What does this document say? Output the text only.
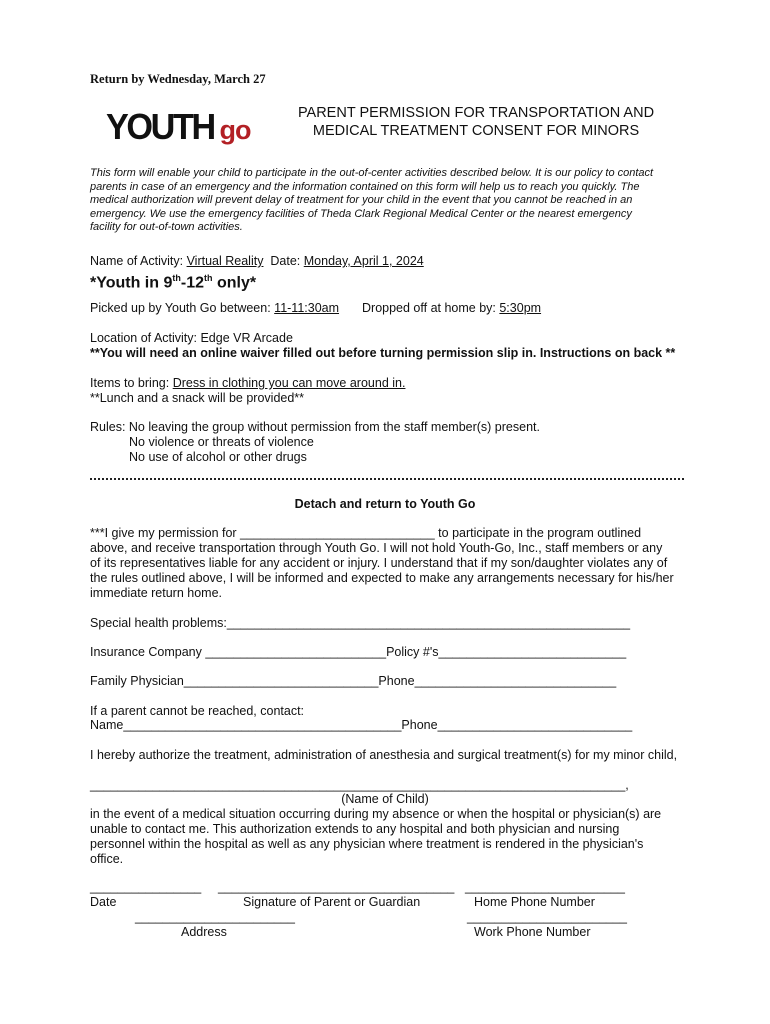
Return by Wednesday, March 27
YOUTH go
PARENT PERMISSION FOR TRANSPORTATION AND
MEDICAL TREATMENT CONSENT FOR MINORS
This form will enable your child to participate in the out-of-center activities described below. It is our policy to contact
parents in case of an emergency and the information contained on this form will help us to reach you quickly. The
medical authorization will prevent delay of treatment for your child in the event that you cannot be reached in an
emergency. We use the emergency facilities of Theda Clark Regional Medical Center or the nearest emergency
facility for out-of-town activities.
Name of Activity: Virtual Reality  Date: Monday, April 1, 2024
*Youth in 9th-12th only*
Picked up by Youth Go between: 11-11:30am Dropped off at home by: 5:30pm
Location of Activity: Edge VR Arcade
**You will need an online waiver filled out before turning permission slip in. Instructions on back **
Items to bring: Dress in clothing you can move around in.
**Lunch and a snack will be provided**
Rules: No leaving the group without permission from the staff member(s) present.
No violence or threats of violence
No use of alcohol or other drugs
Detach and return to Youth Go
***I give my permission for ____________________________ to participate in the program outlined
above, and receive transportation through Youth Go. I will not hold Youth-Go, Inc., staff members or any
of its representatives liable for any accident or injury. I understand that if my son/daughter violates any of
the rules outlined above, I will be informed and expected to make any arrangements necessary for his/her
immediate return home.
Special health problems:__________________________________________________________
Insurance Company __________________________Policy #'s___________________________
Family Physician____________________________Phone_____________________________
If a parent cannot be reached, contact:
Name________________________________________Phone____________________________
I hereby authorize the treatment, administration of anesthesia and surgical treatment(s) for my minor child,
_____________________________________________________________________________,
(Name of Child)
in the event of a medical situation occurring during my absence or when the hospital or physician(s) are
unable to contact me. This authorization extends to any hospital and both physician and nursing
personnel within the hospital as well as any physician where treatment is rendered in the physician's
office.
________________ __________________________________ _______________________
Date	Signature of Parent or Guardian	Home Phone Number
_______________________	_______________________
Address	Work Phone Number
